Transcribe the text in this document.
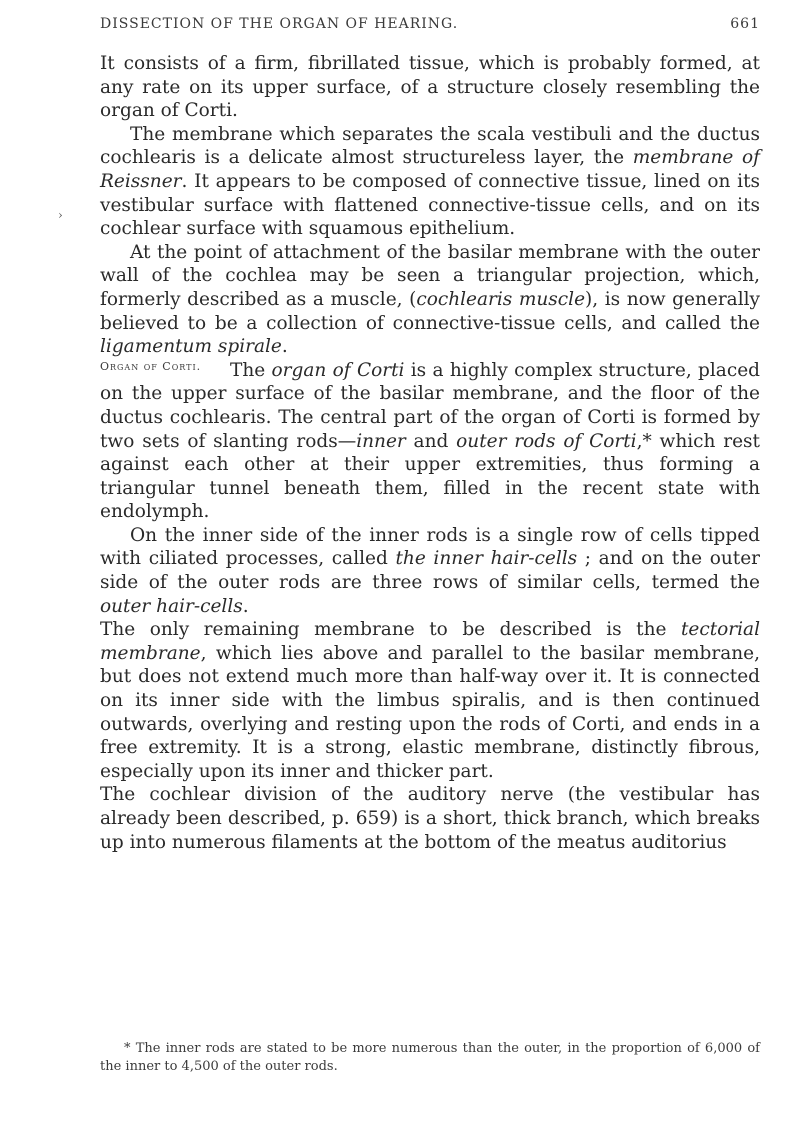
DISSECTION OF THE ORGAN OF HEARING.	661
›

It consists of a firm, fibrillated tissue, which is probably formed, at any rate on its upper surface, of a structure closely resembling the organ of Corti.

The membrane which separates the scala vestibuli and the ductus cochlearis is a delicate almost structureless layer, the membrane of Reissner. It appears to be composed of connective tissue, lined on its vestibular surface with flattened connective-tissue cells, and on its cochlear surface with squamous epithelium.

At the point of attachment of the basilar membrane with the outer wall of the cochlea may be seen a triangular projection, which, formerly described as a muscle, (cochlearis muscle), is now generally believed to be a collection of connective-tissue cells, and called the ligamentum spirale.

Organ of Corti.	The organ of Corti is a highly complex structure, placed on the upper surface of the basilar membrane, and the floor of the ductus cochlearis. The central part of the organ of Corti is formed by two sets of slanting rods—inner and outer rods of Corti,* which rest against each other at their upper extremities, thus forming a triangular tunnel beneath them, filled in the recent state with endolymph.

On the inner side of the inner rods is a single row of cells tipped with ciliated processes, called the inner hair-cells ; and on the outer side of the outer rods are three rows of similar cells, termed the outer hair-cells.

The only remaining membrane to be described is the tectorial membrane, which lies above and parallel to the basilar membrane, but does not extend much more than half-way over it. It is connected on its inner side with the limbus spiralis, and is then continued outwards, overlying and resting upon the rods of Corti, and ends in a free extremity. It is a strong, elastic membrane, distinctly fibrous, especially upon its inner and thicker part.

The cochlear division of the auditory nerve (the vestibular has already been described, p. 659) is a short, thick branch, which breaks up into numerous filaments at the bottom of the meatus auditorius

* The inner rods are stated to be more numerous than the outer, in the proportion of 6,000 of the inner to 4,500 of the outer rods.
